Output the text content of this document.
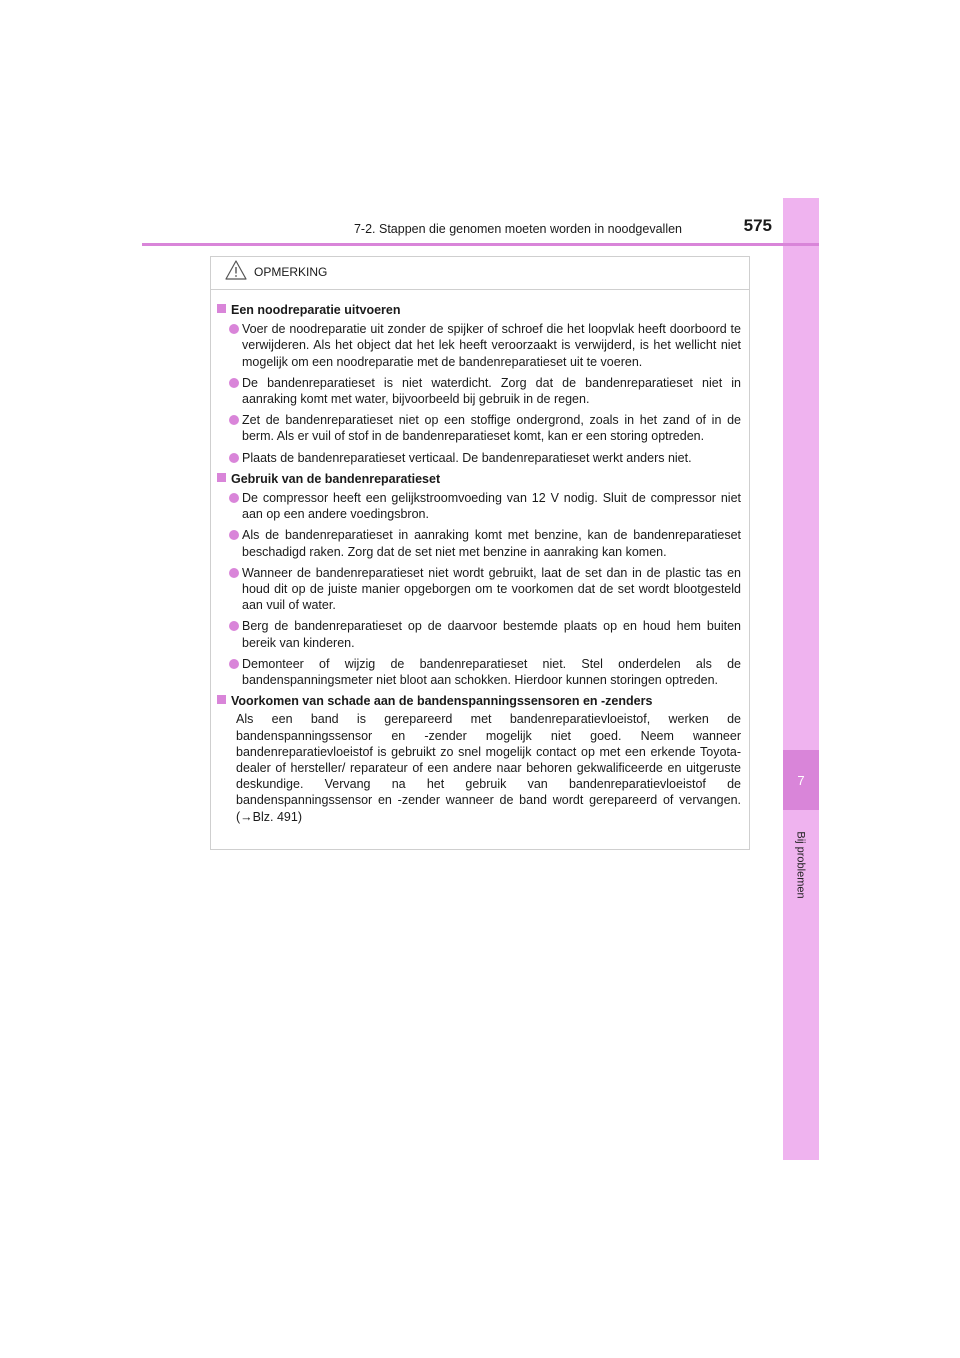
7
Bij problemen
7-2. Stappen die genomen moeten worden in noodgevallen	575
OPMERKING
Een noodreparatie uitvoeren
Voer de noodreparatie uit zonder de spijker of schroef die het loopvlak heeft doorboord te verwijderen. Als het object dat het lek heeft veroorzaakt is verwijderd, is het wellicht niet mogelijk om een noodreparatie met de bandenreparatieset uit te voeren.
De bandenreparatieset is niet waterdicht. Zorg dat de bandenreparatieset niet in aanraking komt met water, bijvoorbeeld bij gebruik in de regen.
Zet de bandenreparatieset niet op een stoffige ondergrond, zoals in het zand of in de berm. Als er vuil of stof in de bandenreparatieset komt, kan er een storing optreden.
Plaats de bandenreparatieset verticaal. De bandenreparatieset werkt anders niet.
Gebruik van de bandenreparatieset
De compressor heeft een gelijkstroomvoeding van 12 V nodig. Sluit de compressor niet aan op een andere voedingsbron.
Als de bandenreparatieset in aanraking komt met benzine, kan de bandenreparatieset beschadigd raken. Zorg dat de set niet met benzine in aanraking kan komen.
Wanneer de bandenreparatieset niet wordt gebruikt, laat de set dan in de plastic tas en houd dit op de juiste manier opgeborgen om te voorkomen dat de set wordt blootgesteld aan vuil of water.
Berg de bandenreparatieset op de daarvoor bestemde plaats op en houd hem buiten bereik van kinderen.
Demonteer of wijzig de bandenreparatieset niet. Stel onderdelen als de bandenspanningsmeter niet bloot aan schokken. Hierdoor kunnen storingen optreden.
Voorkomen van schade aan de bandenspanningssensoren en -zenders
Als een band is gerepareerd met bandenreparatievloeistof, werken de bandenspanningssensor en -zender mogelijk niet goed. Neem wanneer bandenreparatievloeistof is gebruikt zo snel mogelijk contact op met een erkende Toyota-dealer of hersteller/ reparateur of een andere naar behoren gekwalificeerde en uitgeruste deskundige. Vervang na het gebruik van bandenreparatievloeistof de bandenspanningssensor en -zender wanneer de band wordt gerepareerd of vervangen. (→Blz. 491)
